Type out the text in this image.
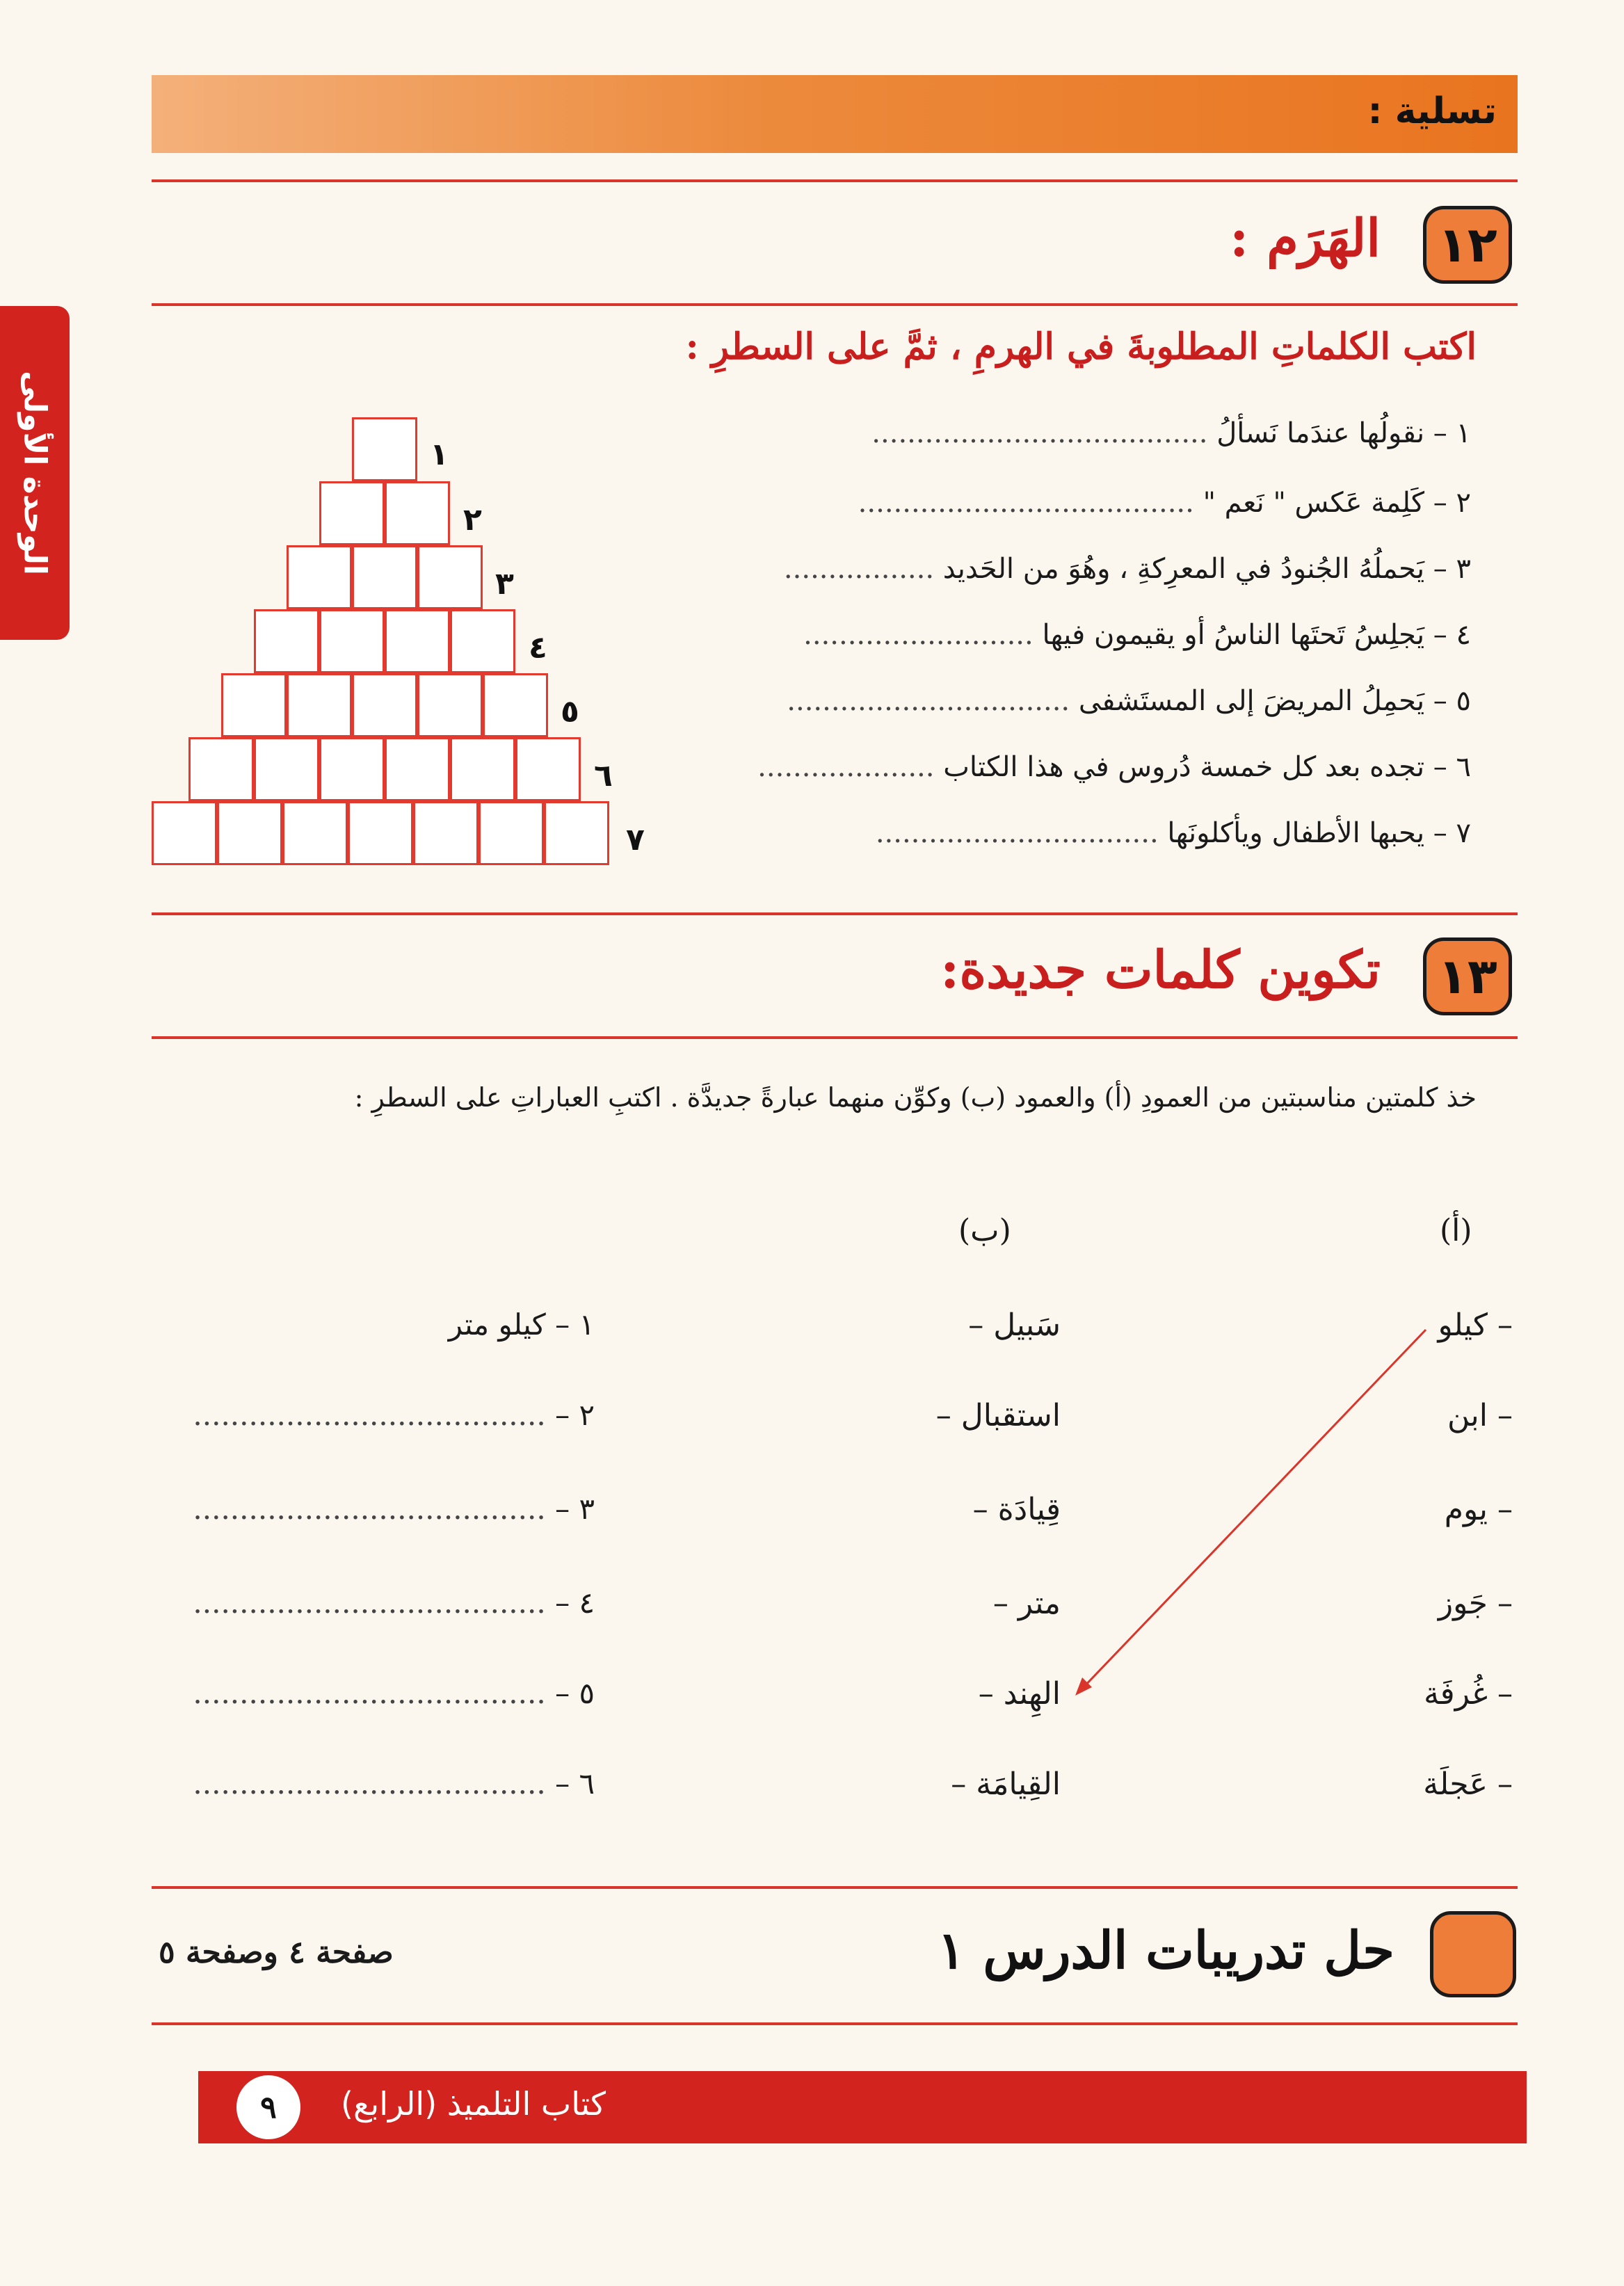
تسلية :
الوحدة الأولى
١٢
الهَرَم :
اكتب الكلماتِ المطلوبةَ في الهرمِ ، ثمَّ على السطرِ :
١ – نقولُها عندَما نَسألُ ......................................
٢ – كَلِمة عَكس " نَعم " ......................................
٣ – يَحملُهُ الجُنودُ في المعرِكةِ ، وهُوَ من الحَديد .................
٤ – يَجلِسُ تَحتَها الناسُ أو يقيمون فيها ..........................
٥ – يَحمِلُ المريضَ إلى المستَشفى ................................
٦ – تجده بعد كل خمسة دُروس في هذا الكتاب ....................
٧ – يحبها الأطفال ويأكلونَها ................................
١
٢
٣
٤
٥
٦
٧
١٣
تكوين كلمات جديدة:
خذ كلمتين مناسبتين من العمودِ (أ) والعمود (ب) وكوِّن منهما عبارةً جديدَّة . اكتبِ العباراتِ على السطرِ :
(أ)
(ب)
– كيلو
– ابن
– يوم
– جَوز
– غُرفَة
– عَجلَة
سَبيل –
استقبال –
قِيادَة –
متر –
الهِند –
القِيامَة –
١ – كيلو متر
٢ – ......................................
٣ – ......................................
٤ – ......................................
٥ – ......................................
٦ – ......................................
حل تدريبات الدرس ١
صفحة ٤ وصفحة ٥
كتاب التلميذ (الرابع)
٩
